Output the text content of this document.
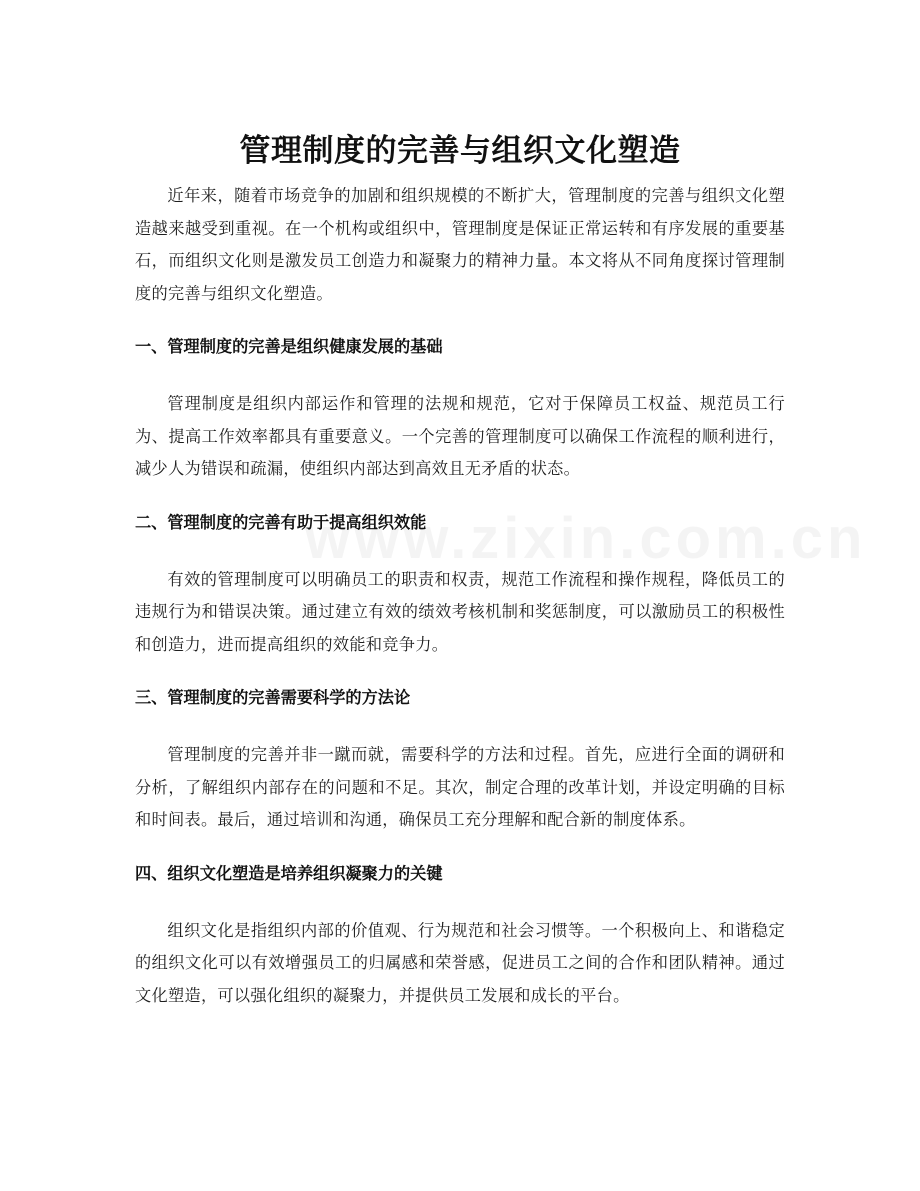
管理制度的完善与组织文化塑造

近年来，随着市场竞争的加剧和组织规模的不断扩大，管理制度的完善与组织文化塑造越来越受到重视。在一个机构或组织中，管理制度是保证正常运转和有序发展的重要基石，而组织文化则是激发员工创造力和凝聚力的精神力量。本文将从不同角度探讨管理制度的完善与组织文化塑造。

一、管理制度的完善是组织健康发展的基础

管理制度是组织内部运作和管理的法规和规范，它对于保障员工权益、规范员工行为、提高工作效率都具有重要意义。一个完善的管理制度可以确保工作流程的顺利进行，减少人为错误和疏漏，使组织内部达到高效且无矛盾的状态。

二、管理制度的完善有助于提高组织效能

有效的管理制度可以明确员工的职责和权责，规范工作流程和操作规程，降低员工的违规行为和错误决策。通过建立有效的绩效考核机制和奖惩制度，可以激励员工的积极性和创造力，进而提高组织的效能和竞争力。

三、管理制度的完善需要科学的方法论

管理制度的完善并非一蹴而就，需要科学的方法和过程。首先，应进行全面的调研和分析，了解组织内部存在的问题和不足。其次，制定合理的改革计划，并设定明确的目标和时间表。最后，通过培训和沟通，确保员工充分理解和配合新的制度体系。

四、组织文化塑造是培养组织凝聚力的关键

组织文化是指组织内部的价值观、行为规范和社会习惯等。一个积极向上、和谐稳定的组织文化可以有效增强员工的归属感和荣誉感，促进员工之间的合作和团队精神。通过文化塑造，可以强化组织的凝聚力，并提供员工发展和成长的平台。
